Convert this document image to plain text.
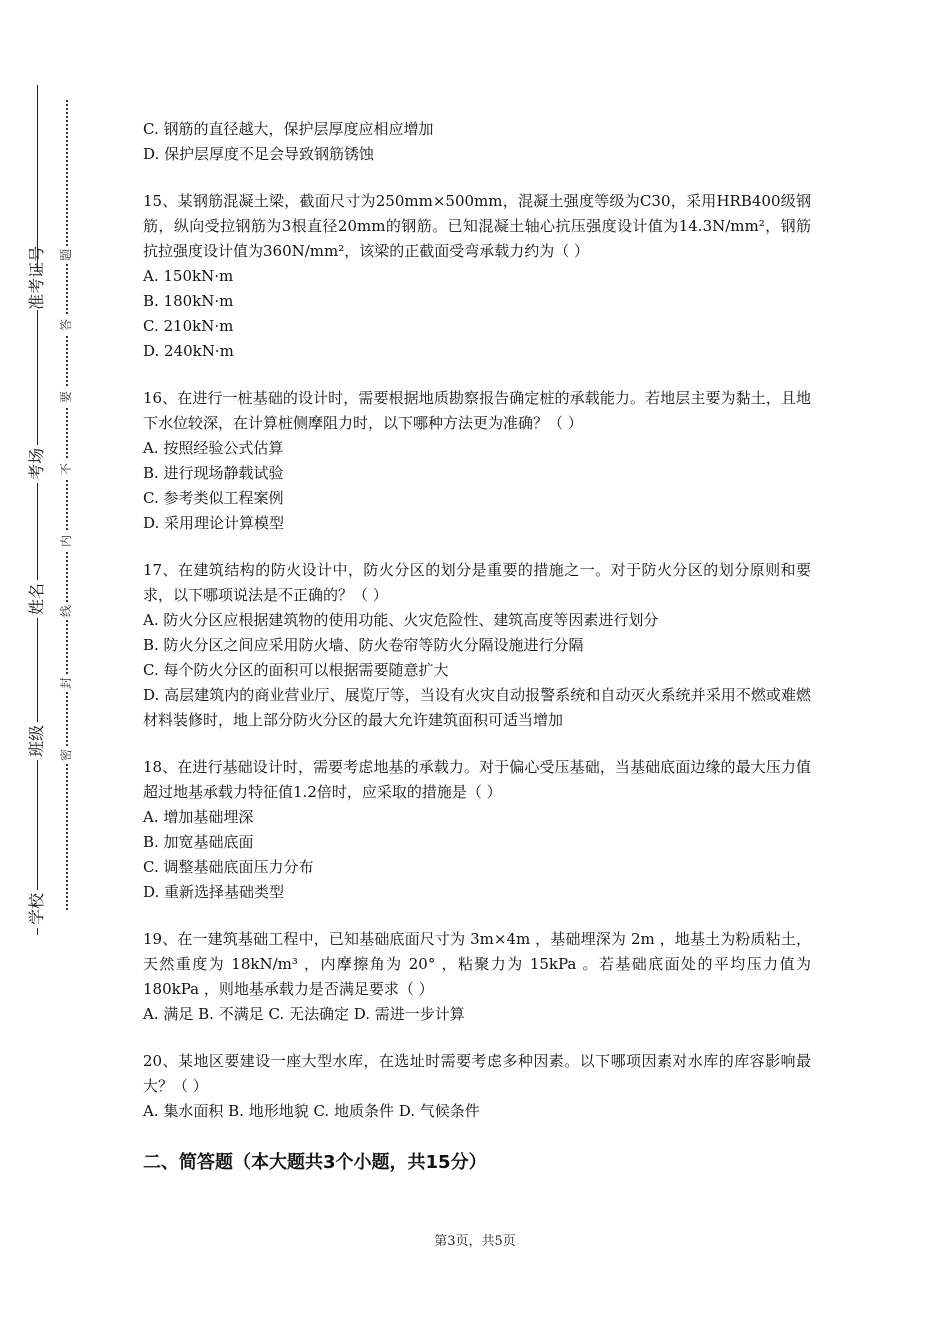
准考证号
考场
姓名
班级
学校
题
答
要
不
内
线
封
密

C. 钢筋的直径越大，保护层厚度应相应增加

D. 保护层厚度不足会导致钢筋锈蚀

15、某钢筋混凝土梁，截面尺寸为250mm×500mm，混凝土强度等级为C30，采用HRB400级钢筋，纵向受拉钢筋为3根直径20mm的钢筋。已知混凝土轴心抗压强度设计值为14.3N/mm²，钢筋抗拉强度设计值为360N/mm²，该梁的正截面受弯承载力约为（ ）

A. 150kN·m

B. 180kN·m

C. 210kN·m

D. 240kN·m

16、在进行一桩基础的设计时，需要根据地质勘察报告确定桩的承载能力。若地层主要为黏土，且地下水位较深，在计算桩侧摩阻力时，以下哪种方法更为准确？（ ）

A. 按照经验公式估算

B. 进行现场静载试验

C. 参考类似工程案例

D. 采用理论计算模型

17、在建筑结构的防火设计中，防火分区的划分是重要的措施之一。对于防火分区的划分原则和要求，以下哪项说法是不正确的？（ ）

A. 防火分区应根据建筑物的使用功能、火灾危险性、建筑高度等因素进行划分

B. 防火分区之间应采用防火墙、防火卷帘等防火分隔设施进行分隔

C. 每个防火分区的面积可以根据需要随意扩大

D. 高层建筑内的商业营业厅、展览厅等，当设有火灾自动报警系统和自动灭火系统并采用不燃或难燃材料装修时，地上部分防火分区的最大允许建筑面积可适当增加

18、在进行基础设计时，需要考虑地基的承载力。对于偏心受压基础，当基础底面边缘的最大压力值超过地基承载力特征值1.2倍时，应采取的措施是（ ）

A. 增加基础埋深

B. 加宽基础底面

C. 调整基础底面压力分布

D. 重新选择基础类型

19、在一建筑基础工程中，已知基础底面尺寸为 3m×4m ，基础埋深为 2m ，地基土为粉质粘土，天然重度为 18kN/m³ ，内摩擦角为 20° ，粘聚力为 15kPa 。若基础底面处的平均压力值为 180kPa ，则地基承载力是否满足要求（ ）

A. 满足 B. 不满足 C. 无法确定 D. 需进一步计算

20、某地区要建设一座大型水库，在选址时需要考虑多种因素。以下哪项因素对水库的库容影响最大？（ ）

A. 集水面积 B. 地形地貌 C. 地质条件 D. 气候条件

二、简答题（本大题共3个小题，共15分）
第3页，共5页
